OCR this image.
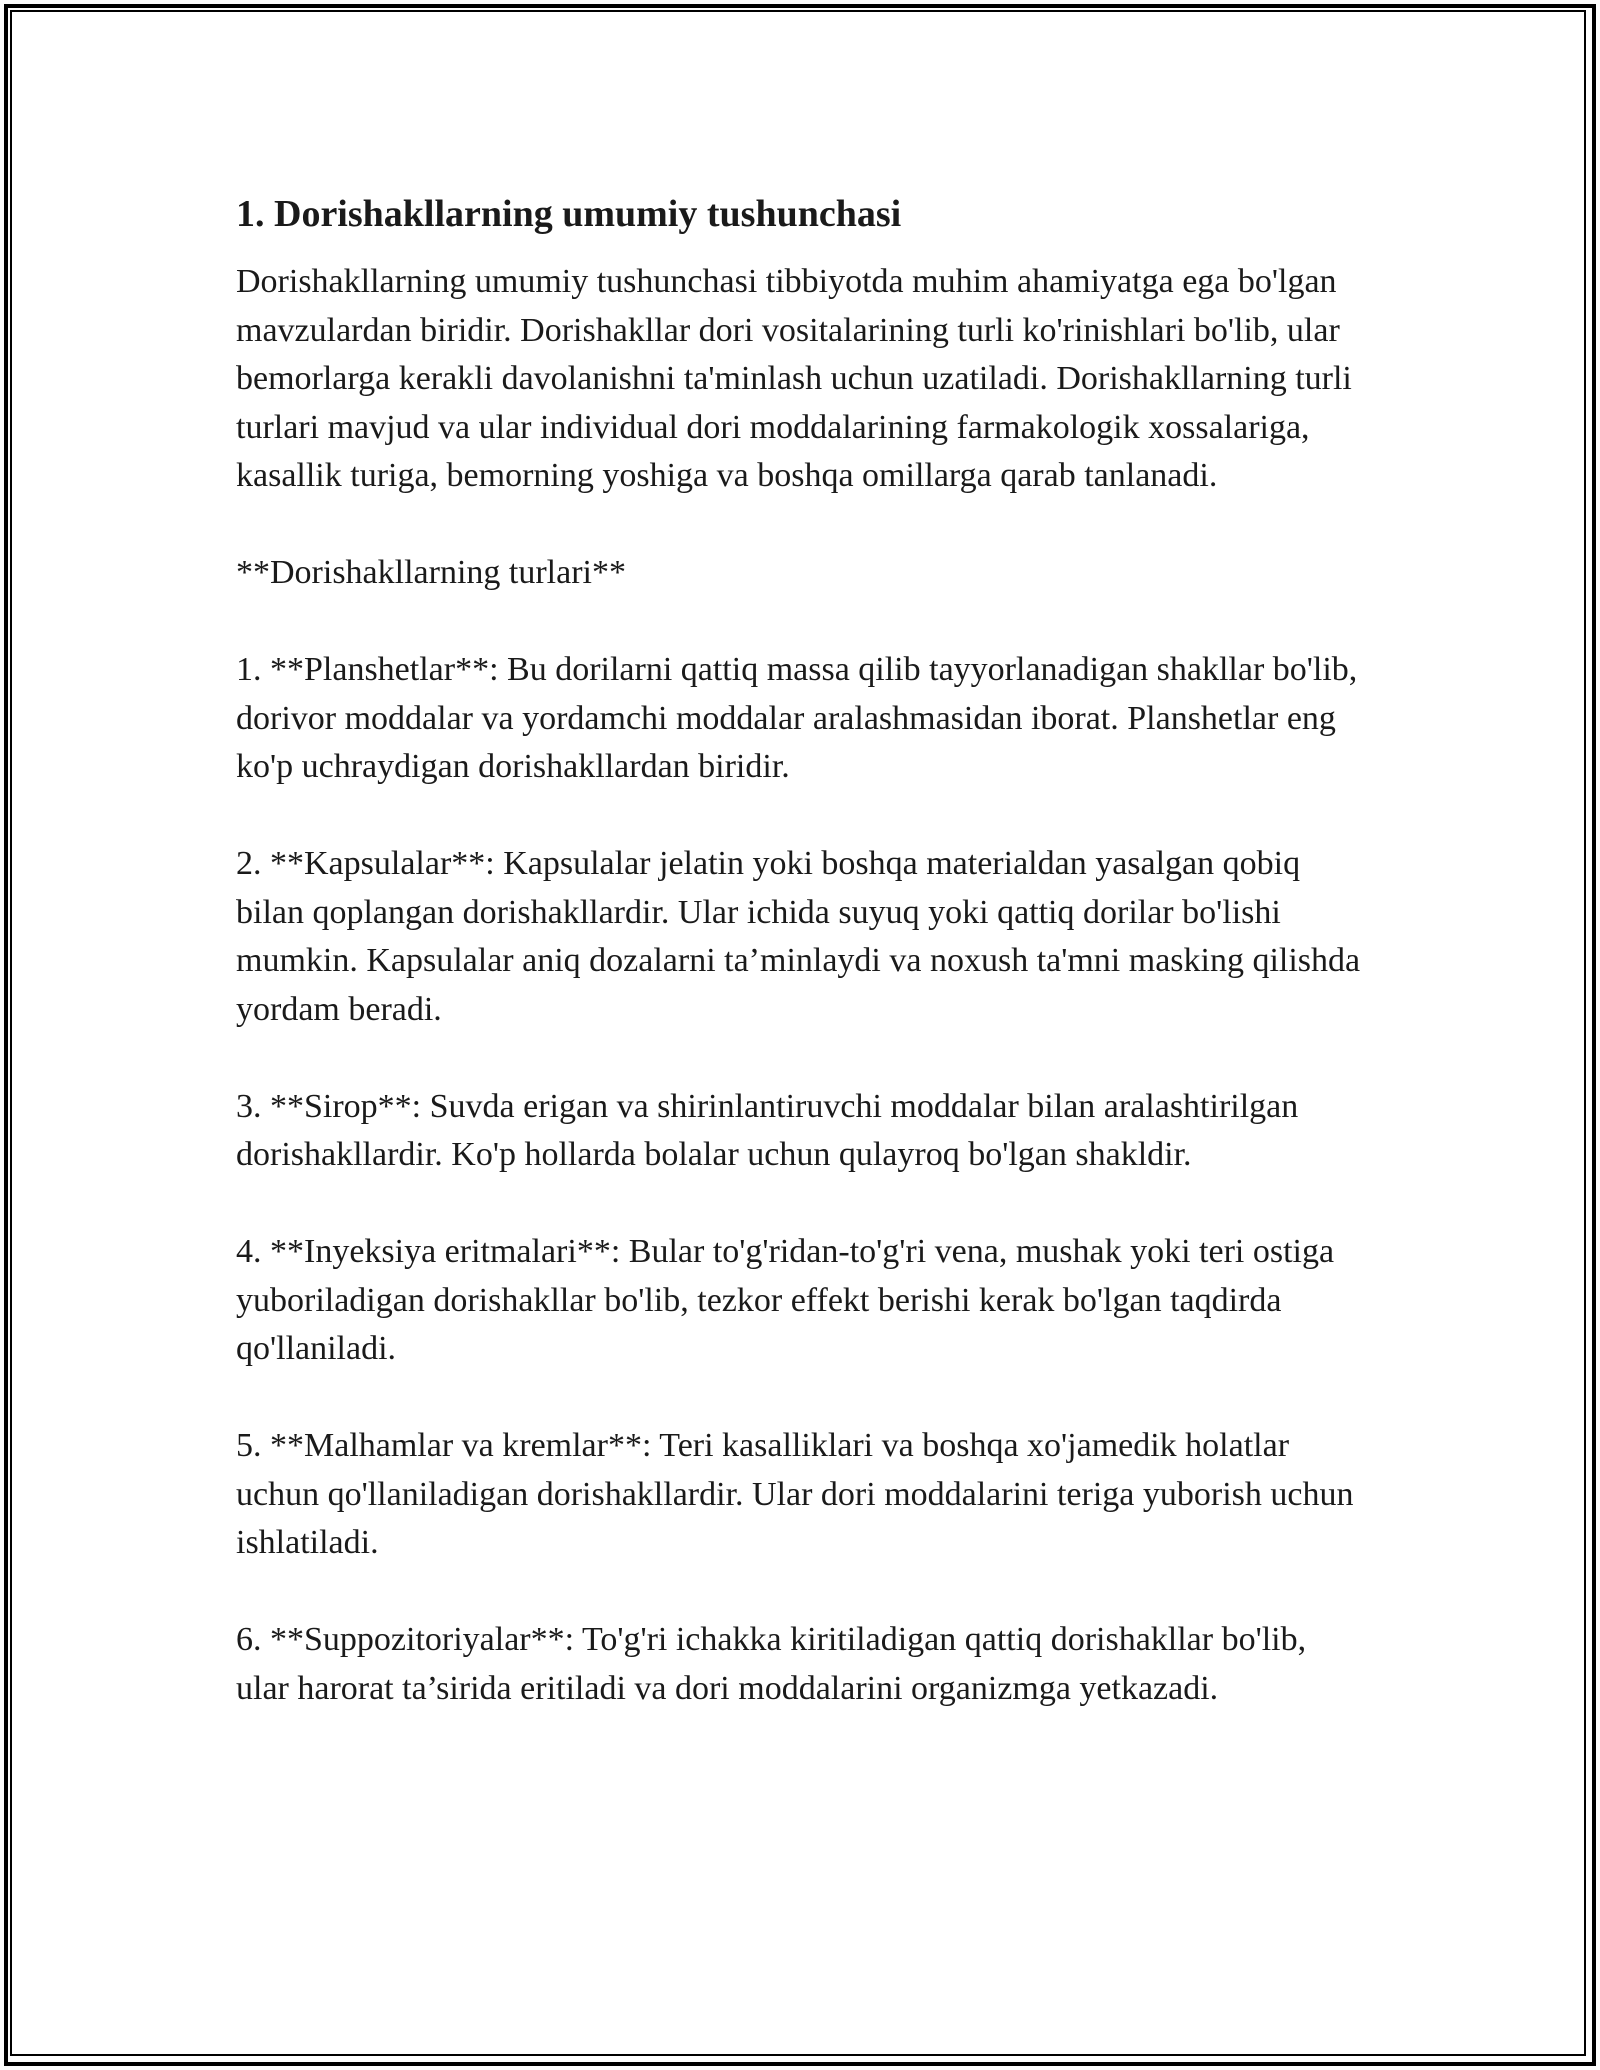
1. Dorishakllarning umumiy tushunchasi

Dorishakllarning umumiy tushunchasi tibbiyotda muhim ahamiyatga ega bo'lgan mavzulardan biridir. Dorishakllar dori vositalarining turli ko'rinishlari bo'lib, ular bemorlarga kerakli davolanishni ta'minlash uchun uzatiladi. Dorishakllarning turli turlari mavjud va ular individual dori moddalarining farmakologik xossalariga, kasallik turiga, bemorning yoshiga va boshqa omillarga qarab tanlanadi.

**Dorishakllarning turlari**

1. **Planshetlar**: Bu dorilarni qattiq massa qilib tayyorlanadigan shakllar bo'lib, dorivor moddalar va yordamchi moddalar aralashmasidan iborat. Planshetlar eng ko'p uchraydigan dorishakllardan biridir.

2. **Kapsulalar**: Kapsulalar jelatin yoki boshqa materialdan yasalgan qobiq bilan qoplangan dorishakllardir. Ular ichida suyuq yoki qattiq dorilar bo'lishi mumkin. Kapsulalar aniq dozalarni ta’minlaydi va noxush ta'mni masking qilishda yordam beradi.

3. **Sirop**: Suvda erigan va shirinlantiruvchi moddalar bilan aralashtirilgan dorishakllardir. Ko'p hollarda bolalar uchun qulayroq bo'lgan shakldir.

4. **Inyeksiya eritmalari**: Bular to'g'ridan-to'g'ri vena, mushak yoki teri ostiga yuboriladigan dorishakllar bo'lib, tezkor effekt berishi kerak bo'lgan taqdirda qo'llaniladi.

5. **Malhamlar va kremlar**: Teri kasalliklari va boshqa xo'jamedik holatlar uchun qo'llaniladigan dorishakllardir. Ular dori moddalarini teriga yuborish uchun ishlatiladi.

6. **Suppozitoriyalar**: To'g'ri ichakka kiritiladigan qattiq dorishakllar bo'lib, ular harorat ta’sirida eritiladi va dori moddalarini organizmga yetkazadi.
